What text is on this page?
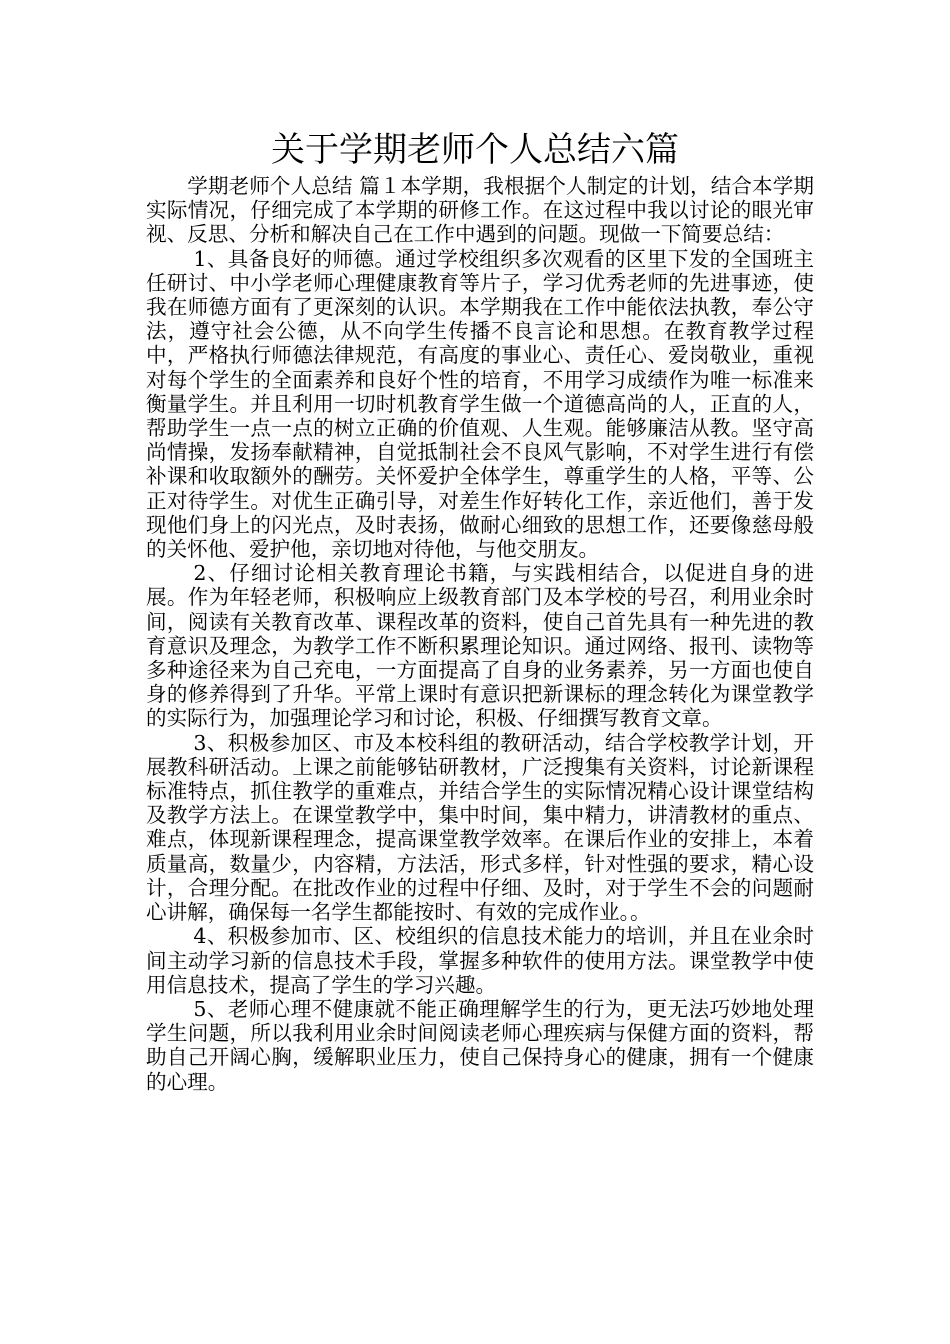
关于学期老师个人总结六篇

学期老师个人总结 篇１本学期，我根据个人制定的计划，结合本学期实际情况，仔细完成了本学期的研修工作。在这过程中我以讨论的眼光审视、反思、分析和解决自己在工作中遇到的问题。现做一下简要总结：

1、具备良好的师德。通过学校组织多次观看的区里下发的全国班主任研讨、中小学老师心理健康教育等片子，学习优秀老师的先进事迹，使我在师德方面有了更深刻的认识。本学期我在工作中能依法执教，奉公守法，遵守社会公德，从不向学生传播不良言论和思想。在教育教学过程中，严格执行师德法律规范，有高度的事业心、责任心、爱岗敬业，重视对每个学生的全面素养和良好个性的培育，不用学习成绩作为唯一标准来衡量学生。并且利用一切时机教育学生做一个道德高尚的人，正直的人，帮助学生一点一点的树立正确的价值观、人生观。能够廉洁从教。坚守高尚情操，发扬奉献精神，自觉抵制社会不良风气影响，不对学生进行有偿补课和收取额外的酬劳。关怀爱护全体学生，尊重学生的人格，平等、公正对待学生。对优生正确引导，对差生作好转化工作，亲近他们，善于发现他们身上的闪光点，及时表扬，做耐心细致的思想工作，还要像慈母般的关怀他、爱护他，亲切地对待他，与他交朋友。

2、仔细讨论相关教育理论书籍，与实践相结合，以促进自身的进展。作为年轻老师，积极响应上级教育部门及本学校的号召，利用业余时间，阅读有关教育改革、课程改革的资料，使自己首先具有一种先进的教育意识及理念，为教学工作不断积累理论知识。通过网络、报刊、读物等多种途径来为自己充电，一方面提高了自身的业务素养，另一方面也使自身的修养得到了升华。平常上课时有意识把新课标的理念转化为课堂教学的实际行为，加强理论学习和讨论，积极、仔细撰写教育文章。

3、积极参加区、市及本校科组的教研活动，结合学校教学计划，开展教科研活动。上课之前能够钻研教材，广泛搜集有关资料，讨论新课程标准特点，抓住教学的重难点，并结合学生的实际情况精心设计课堂结构及教学方法上。在课堂教学中，集中时间，集中精力，讲清教材的重点、难点，体现新课程理念，提高课堂教学效率。在课后作业的安排上，本着质量高，数量少，内容精，方法活，形式多样，针对性强的要求，精心设计，合理分配。在批改作业的过程中仔细、及时，对于学生不会的问题耐心讲解，确保每一名学生都能按时、有效的完成作业。。

4、积极参加市、区、校组织的信息技术能力的培训，并且在业余时间主动学习新的信息技术手段，掌握多种软件的使用方法。课堂教学中使用信息技术，提高了学生的学习兴趣。

5、老师心理不健康就不能正确理解学生的行为，更无法巧妙地处理学生问题，所以我利用业余时间阅读老师心理疾病与保健方面的资料，帮助自己开阔心胸，缓解职业压力，使自己保持身心的健康，拥有一个健康的心理。
